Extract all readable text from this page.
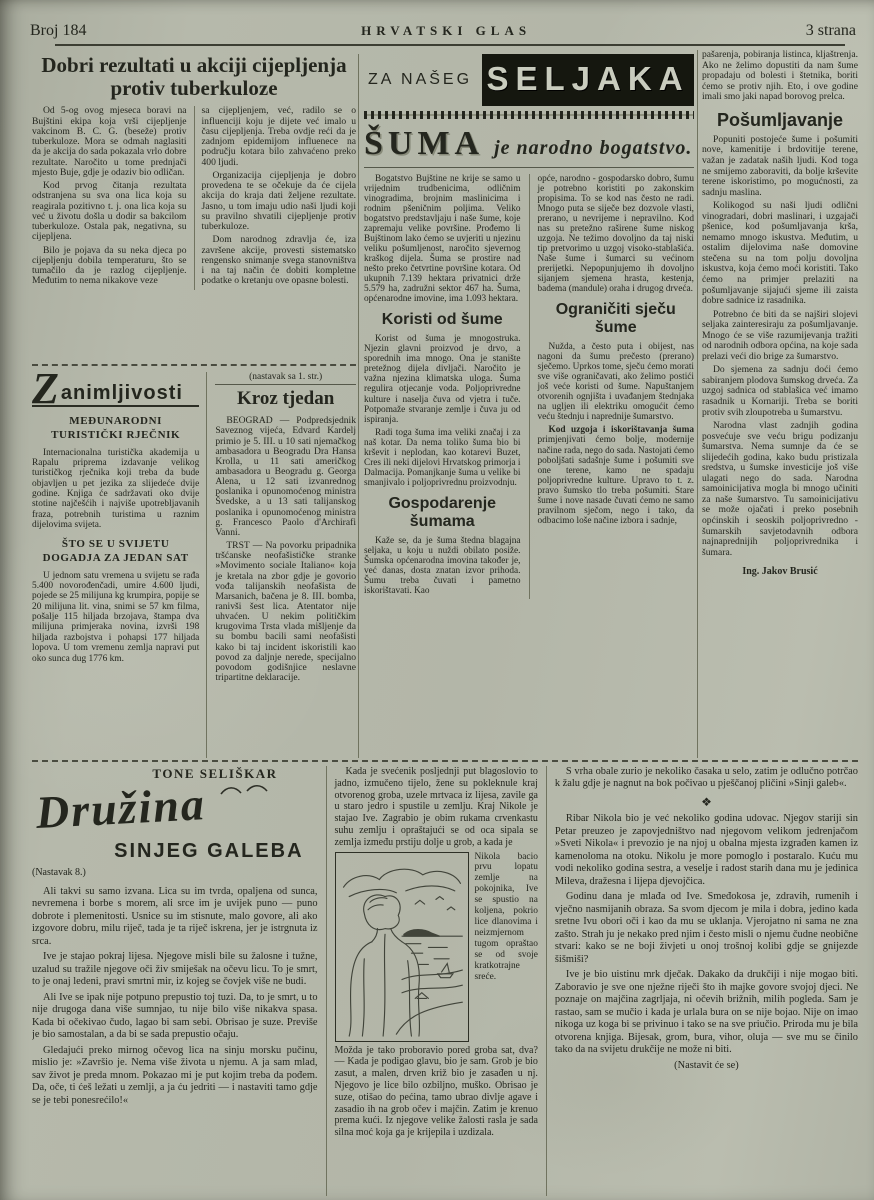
Broj 184	HRVATSKI GLAS	3 strana
Dobri rezultati u akciji cijepljenja
protiv tuberkuloze

Od 5-og ovog mjeseca boravi na Bujštini ekipa koja vrši cijepljenje vakcinom B. C. G. (beseže) protiv tuberkuloze. Mora se odmah naglasiti da je akcija do sada pokazala vrlo dobre rezultate. Naročito u tome prednjači mjesto Buje, gdje je odaziv bio odličan.

Kod prvog čitanja rezultata odstranjena su sva ona lica koja su reagirala pozitivno t. j. ona lica koja su već u životu došla u dodir sa bakcilom tuberkuloze. Ostala pak, negativna, su cijepljena.

Bilo je pojava da su neka djeca po cijepljenju dobila temperaturu, što se tumačilo da je razlog cijepljenje. Međutim to nema nikakove veze

sa cijepljenjem, već, radilo se o influenciji koju je dijete već imalo u času cijepljenja. Treba ovdje reći da je zadnjom epidemijom influenece na području kotara bilo zahvaćeno preko 400 ljudi.

Organizacija cijepljenja je dobro provedena te se očekuje da će cijela akcija do kraja dati željene rezultate. Jasno, u tom imaju udio naši ljudi koji su pravilno shvatili cijepljenje protiv tuberkuloze.

Dom narodnog zdravlja će, iza završene akcije, provesti sistematsko rengensko snimanje svega stanovništva i na taj način će dobiti kompletne podatke o kretanju ove opasne bolesti.

Z animljivosti
MEĐUNARODNI TURISTIČKI RJEČNIK

Internacionalna turistička akademija u Rapalu priprema izdavanje velikog turističkog rječnika koji treba da bude objavljen u pet jezika za slijedeće dvije godine. Knjiga će sadržavati oko dvije stotine najčešćih i najviše upotrebljavanih fraza, potrebnih turistima u raznim dijelovima svijeta.

ŠTO SE U SVIJETU DOGADJA ZA JEDAN SAT

U jednom satu vremena u svijetu se rađa 5.400 novorođenčadi, umire 4.600 ljudi, pojede se 25 milijuna kg krumpira, popije se 20 milijuna lit. vina, snimi se 57 km filma, pošalje 115 hiljada brzojava, štampa dva milijuna primjeraka novina, izvrši 198 hiljada razbojstva i pohapsi 177 hiljada lopova. U tom vremenu zemlja napravi put oko sunca dug 1776 km.

(nastavak sa 1. str.)
Kroz tjedan

BEOGRAD — Podpredsjednik Saveznog vijeća, Edvard Kardelj primio je 5. III. u 10 sati njemačkog ambasadora u Beogradu Dra Hansa Krolla, u 11 sati američkog ambasadora u Beogradu g. Georga Alena, u 12 sati izvanrednog poslanika i opunomoćenog ministra Švedske, a u 13 sati talijanskog poslanika i opunomoćenog ministra g. Francesco Paolo d'Archirafi Vanni.

TRST — Na povorku pripadnika tršćanske neofašističke stranke »Movimento sociale Italiano« koja je kretala na zbor gdje je govorio vođa talijanskih neofašista de Marsanich, bačena je 8. III. bomba, ranivši šest lica. Atentator nije uhvaćen. U nekim političkim krugovima Trsta vlada mišljenje da su bombu bacili sami neofašisti kako bi taj incident iskoristili kao povod za daljnje nerede, specijalno povodom godišnjice neslavne tripartitne deklaracije.

ZA NAŠEG SELJAKA
ŠUMA je narodno bogatstvo.

Bogatstvo Bujštine ne krije se samo u vrijednim trudbenicima, odličnim vinogradima, brojnim maslinicima i rodnim pšeničnim poljima. Veliko bogatstvo predstavljaju i naše šume, koje zapremaju velike površine. Prođemo li Bujštinom lako ćemo se uvjeriti u njezinu veliku pošumljenost, naročito sjevernog kraškog dijela. Šuma se prostire nad nešto preko četvrtine površine kotara. Od ukupnih 7.139 hektara privatnici drže 5.579 ha, zadružni sektor 467 ha. Šuma, općenarodne imovine, ima 1.093 hektara.

Koristi od šume

Korist od šuma je mnogostruka. Njezin glavni proizvod je drvo, a sporednih ima mnogo. Ona je stanište pretežnog dijela divljači. Naročito je važna njezina klimatska uloga. Šuma regulira otjecanje voda. Poljoprivredne kulture i naselja čuva od vjetra i tuče. Potpomaže stvaranje zemlje i čuva ju od ispiranja.

Radi toga šuma ima veliki značaj i za naš kotar. Da nema toliko šuma bio bi krševit i neplodan, kao kotarevi Buzet, Cres ili neki dijelovi Hrvatskog primorja i Dalmacija. Pomanjkanje šuma u velike bi smanjivalo i poljoprivrednu proizvodnju.

Gospodarenje šumama

Kaže se, da je šuma štedna blagajna seljaka, u koju u nuždi obilato posiže. Šumska općenarodna imovina također je, već danas, dosta znatan izvor prihoda. Šumu treba čuvati i pametno iskorištavati. Kao

opće, narodno - gospodarsko dobro, šumu je potrebno koristiti po zakonskim propisima. To se kod nas često ne radi. Mnogo puta se siječe bez dozvole vlasti, prerano, u nevrijeme i nepravilno. Kod nas su pretežno raširene šume niskog uzgoja. Ne težimo dovoljno da taj niski tip pretvorimo u uzgoj visoko-stablašića. Naše šume i šumarci su većinom prerijetki. Nepopunjujemo ih dovoljno sijanjem sjemena hrasta, kestenja, badema (mandule) oraha i drugog drveća.

Ograničiti sječu šume

Nužda, a često puta i obijest, nas nagoni da šumu prečesto (prerano) sječemo. Uprkos tome, sječu ćemo morati sve više ograničavati, ako želimo postići još veće koristi od šume. Napuštanjem otvorenih ognjišta i uvađanjem štednjaka na ugljen ili elektriku omogućit ćemo veću štednju i naprednije šumarstvo.

Kod uzgoja i iskorištavanja šuma primjenjivati ćemo bolje, modernije načine rada, nego do sada. Nastojati ćemo poboljšati sadašnje šume i pošumiti sve one terene, kamo ne spadaju poljoprivredne kulture. Upravo to t. z. pravo šumsko tlo treba pošumiti. Stare šume i nove nasade čuvati ćemo ne samo pravilnom sječom, nego i tako, da odbacimo loše načine izbora i sadnje,

pašarenja, pobiranja listinca, kljaštrenja. Ako ne želimo dopustiti da nam šume propadaju od bolesti i štetnika, boriti ćemo se protiv njih. Eto, i ove godine imali smo jaki napad borovog prelca.

Pošumljavanje

Popuniti postojeće šume i pošumiti nove, kamenitije i brdovitije terene, važan je zadatak naših ljudi. Kod toga ne smijemo zaboraviti, da bolje krševite terene iskoristimo, po mogućnosti, za sadnju maslina.

Kolikogod su naši ljudi odlični vinogradari, dobri maslinari, i uzgajači pšenice, kod pošumljavanja krša, nemamo mnogo iskustva. Međutim, u ostalim dijelovima naše domovine stečena su na tom polju dovoljna iskustva, koja ćemo moći koristiti. Tako ćemo na primjer prelaziti na pošumljavanje sijajući sjeme ili zaista dobre sadnice iz rasadnika.

Potrebno će biti da se najširi slojevi seljaka zainteresiraju za pošumljavanje. Mnogo će se više razumijevanja tražiti od narodnih odbora općina, na koje sada prelazi veći dio brige za šumarstvo.

Do sjemena za sadnju doći ćemo sabiranjem plodova šumskog drveća. Za uzgoj sadnica od stablašica već imamo rasadnik u Kornariji. Treba se boriti protiv svih zloupotreba u šumarstvu.

Narodna vlast zadnjih godina posvećuje sve veću brigu podizanju šumarstva. Nema sumnje da će se slijedećih godina, kako budu pristizala sredstva, u šumske investicije još više ulagati nego do sada. Narodna samoinicijativa mogla bi mnogo učiniti za naše šumarstvo. Tu samoinicijativu se može ojačati i preko posebnih općinskih i seoskih poljoprivredno - šumarskih savjetodavnih odbora najnaprednijih poljoprivrednika i šumara.

Ing. Jakov Brusić
TONE SELIŠKAR
Družina
SINJEG GALEBA
(Nastavak 8.)

Ali takvi su samo izvana. Lica su im tvrda, opaljena od sunca, nevremena i borbe s morem, ali srce im je uvijek puno — puno dobrote i plemenitosti. Usnice su im stisnute, malo govore, ali ako izgovore dobru, milu riječ, tada je ta riječ iskrena, jer je istrgnuta iz srca.

Ive je stajao pokraj lijesa. Njegove misli bile su žalosne i tužne, uzalud su tražile njegove oči živ smiješak na očevu licu. To je smrt, to je onaj ledeni, pravi smrtni mir, iz kojeg se čovjek više ne budi.

Ali Ive se ipak nije potpuno prepustio toj tuzi. Da, to je smrt, u to nije drugoga dana više sumnjao, tu nije bilo više nikakva spasa. Kada bi očekivao čudo, lagao bi sam sebi. Obrisao je suze. Previše je bio samostalan, a da bi se sada prepustio očaju.

Gledajući preko mirnog očevog lica na sinju morsku pučinu, mislio je: »Završio je. Nema više života u njemu. A ja sam mlad, sav život je preda mnom. Pokazao mi je put kojim treba da pođem. Da, oče, ti ćeš ležati u zemlji, a ja ću jedriti — i nastaviti tamo gdje se je tebi ponesrećilo!«

Kada je svećenik posljednji put blagoslovio to jadno, izmučeno tijelo, žene su pokleknule kraj otvorenog groba, uzele mrtvaca iz lijesa, zavile ga u staro jedro i spustile u zemlju. Kraj Nikole je stajao Ive. Zagrabio je obim rukama crvenkastu suhu zemlju i opraštajući se od oca sipala se zemlja između prstiju dolje u grob, a kada je

Nikola bacio prvu lopatu zemlje na pokojnika, Ive se spustio na koljena, pokrio lice dlanovima i neizmjernom tugom opraštao se od svoje kratkotrajne sreće.

Možda je tako proboravio pored groba sat, dva? — Kada je podigao glavu, bio je sam. Grob je bio zasut, a malen, drven križ bio je zasađen u nj. Njegovo je lice bilo ozbiljno, muško. Obrisao je suze, otišao do pećina, tamo ubrao divlje agave i zasadio ih na grob očev i majčin. Zatim je krenuo prema kući. Iz njegove velike žalosti rasla je sada silna moć koja ga je krijepila i uzdizala.

S vrha obale zurio je nekoliko časaka u selo, zatim je odlučno potrčao k žalu gdje je nagnut na bok počivao u pješčanoj pličini »Sinji galeb«.

❖

Ribar Nikola bio je već nekoliko godina udovac. Njegov stariji sin Petar preuzeo je zapovjedništvo nad njegovom velikom jedrenjačom »Sveti Nikola« i prevozio je na njoj u obalna mjesta izgrađen kamen iz kamenoloma na otoku. Nikolu je more pomoglo i postaralo. Kuću mu vodi nekoliko godina sestra, a veselje i radost starih dana mu je jedinica Mileva, dražesna i lijepa djevojčica.

Godinu dana je mlađa od Ive. Smeđokosa je, zdravih, rumenih i vječno nasmijanih obraza. Sa svom djecom je mila i dobra, jedino kada sretne Ivu obori oči i kao da mu se uklanja. Vjerojatno ni sama ne zna zašto. Strah ju je nekako pred njim i često misli o njemu čudne neobične stvari: kako se ne boji živjeti u onoj trošnoj kolibi gdje se gnijezde šišmiši?

Ive je bio uistinu mrk dječak. Dakako da drukčiji i nije mogao biti. Zaboravio je sve one nježne riječi što ih majke govore svojoj djeci. Ne poznaje on majčina zagrljaja, ni očevih brižnih, milih pogleda. Sam je rastao, sam se mučio i kada je urlala bura on se nije bojao. Nije on imao nikoga uz koga bi se privinuo i tako se na sve priučio. Priroda mu je bila otvorena knjiga. Bijesak, grom, bura, vihor, oluja — sve mu se činilo tako da na svijetu drukčije ne može ni biti.

(Nastavit će se)
